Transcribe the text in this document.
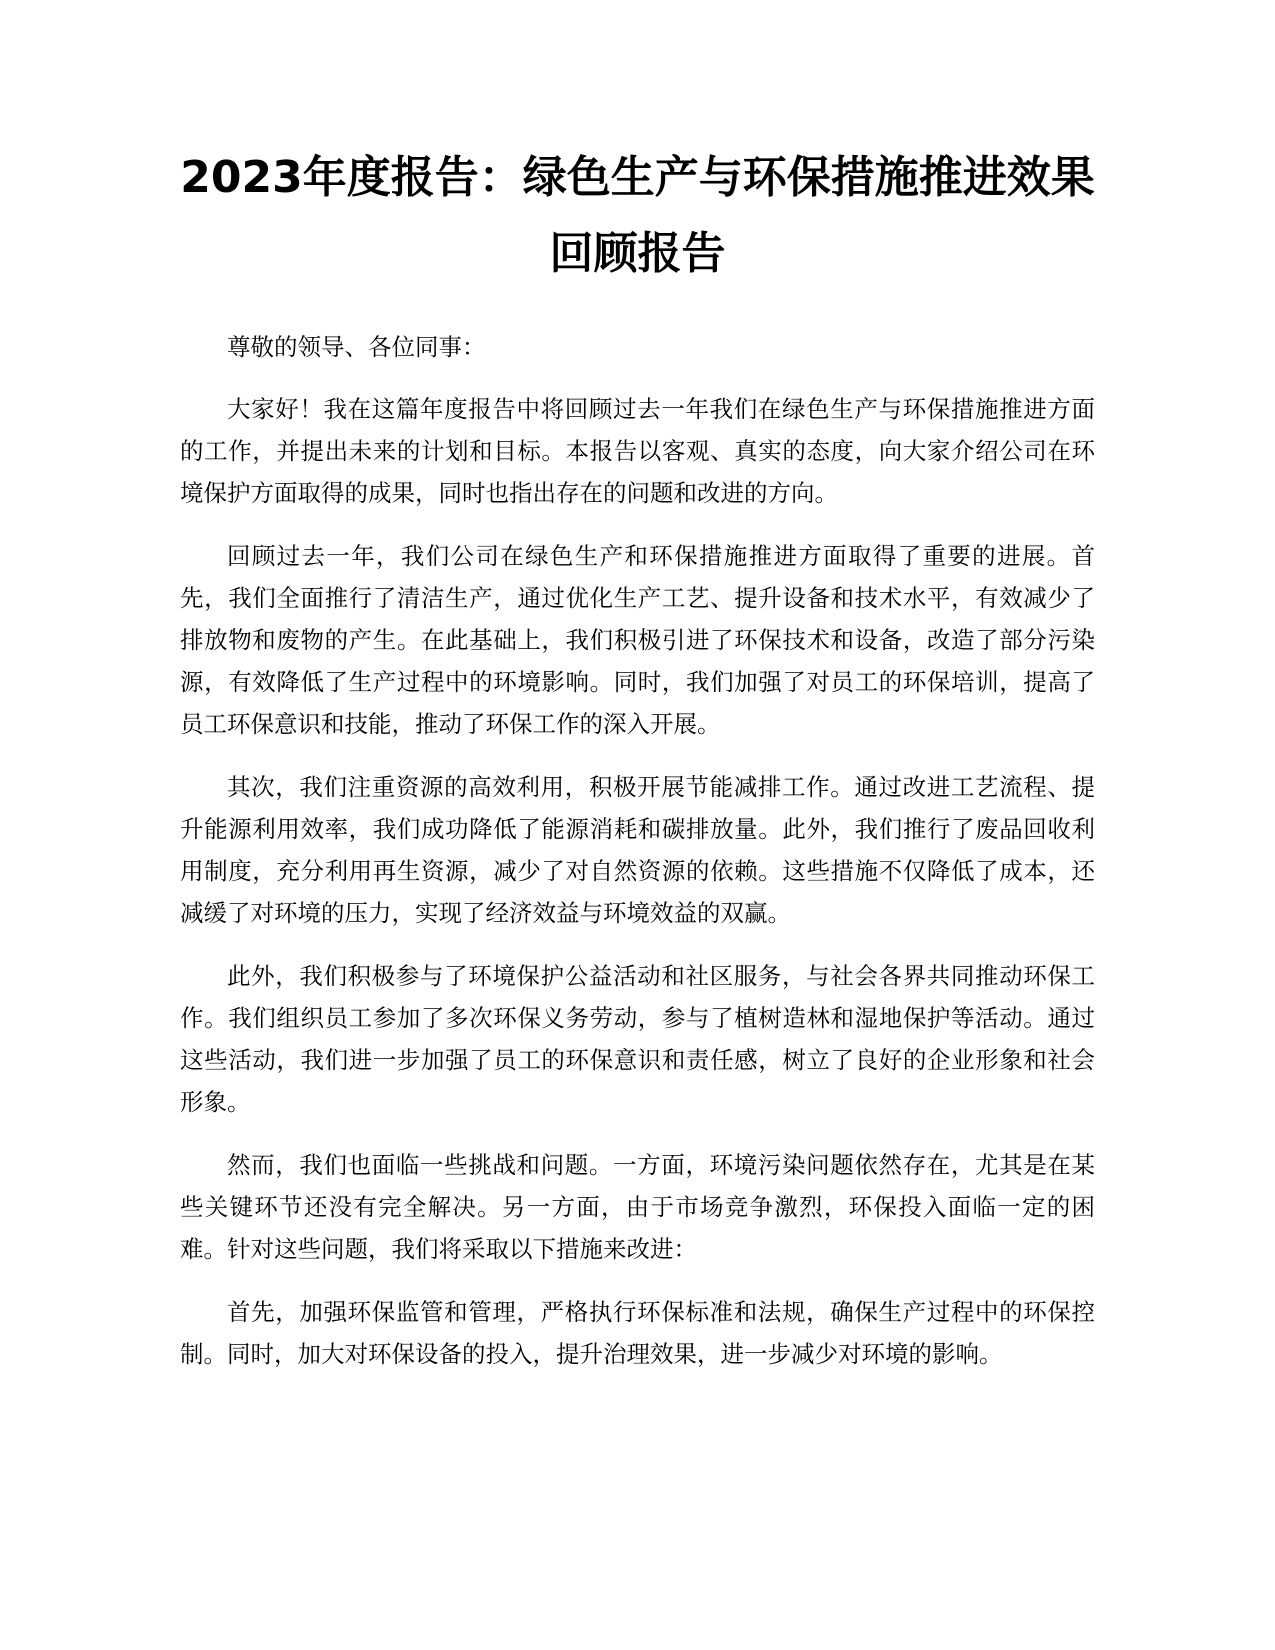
2023年度报告：绿色生产与环保措施推进效果回顾报告

尊敬的领导、各位同事：

大家好！我在这篇年度报告中将回顾过去一年我们在绿色生产与环保措施推进方面的工作，并提出未来的计划和目标。本报告以客观、真实的态度，向大家介绍公司在环境保护方面取得的成果，同时也指出存在的问题和改进的方向。

回顾过去一年，我们公司在绿色生产和环保措施推进方面取得了重要的进展。首先，我们全面推行了清洁生产，通过优化生产工艺、提升设备和技术水平，有效减少了排放物和废物的产生。在此基础上，我们积极引进了环保技术和设备，改造了部分污染源，有效降低了生产过程中的环境影响。同时，我们加强了对员工的环保培训，提高了员工环保意识和技能，推动了环保工作的深入开展。

其次，我们注重资源的高效利用，积极开展节能减排工作。通过改进工艺流程、提升能源利用效率，我们成功降低了能源消耗和碳排放量。此外，我们推行了废品回收利用制度，充分利用再生资源，减少了对自然资源的依赖。这些措施不仅降低了成本，还减缓了对环境的压力，实现了经济效益与环境效益的双赢。

此外，我们积极参与了环境保护公益活动和社区服务，与社会各界共同推动环保工作。我们组织员工参加了多次环保义务劳动，参与了植树造林和湿地保护等活动。通过这些活动，我们进一步加强了员工的环保意识和责任感，树立了良好的企业形象和社会形象。

然而，我们也面临一些挑战和问题。一方面，环境污染问题依然存在，尤其是在某些关键环节还没有完全解决。另一方面，由于市场竞争激烈，环保投入面临一定的困难。针对这些问题，我们将采取以下措施来改进：

首先，加强环保监管和管理，严格执行环保标准和法规，确保生产过程中的环保控制。同时，加大对环保设备的投入，提升治理效果，进一步减少对环境的影响。
